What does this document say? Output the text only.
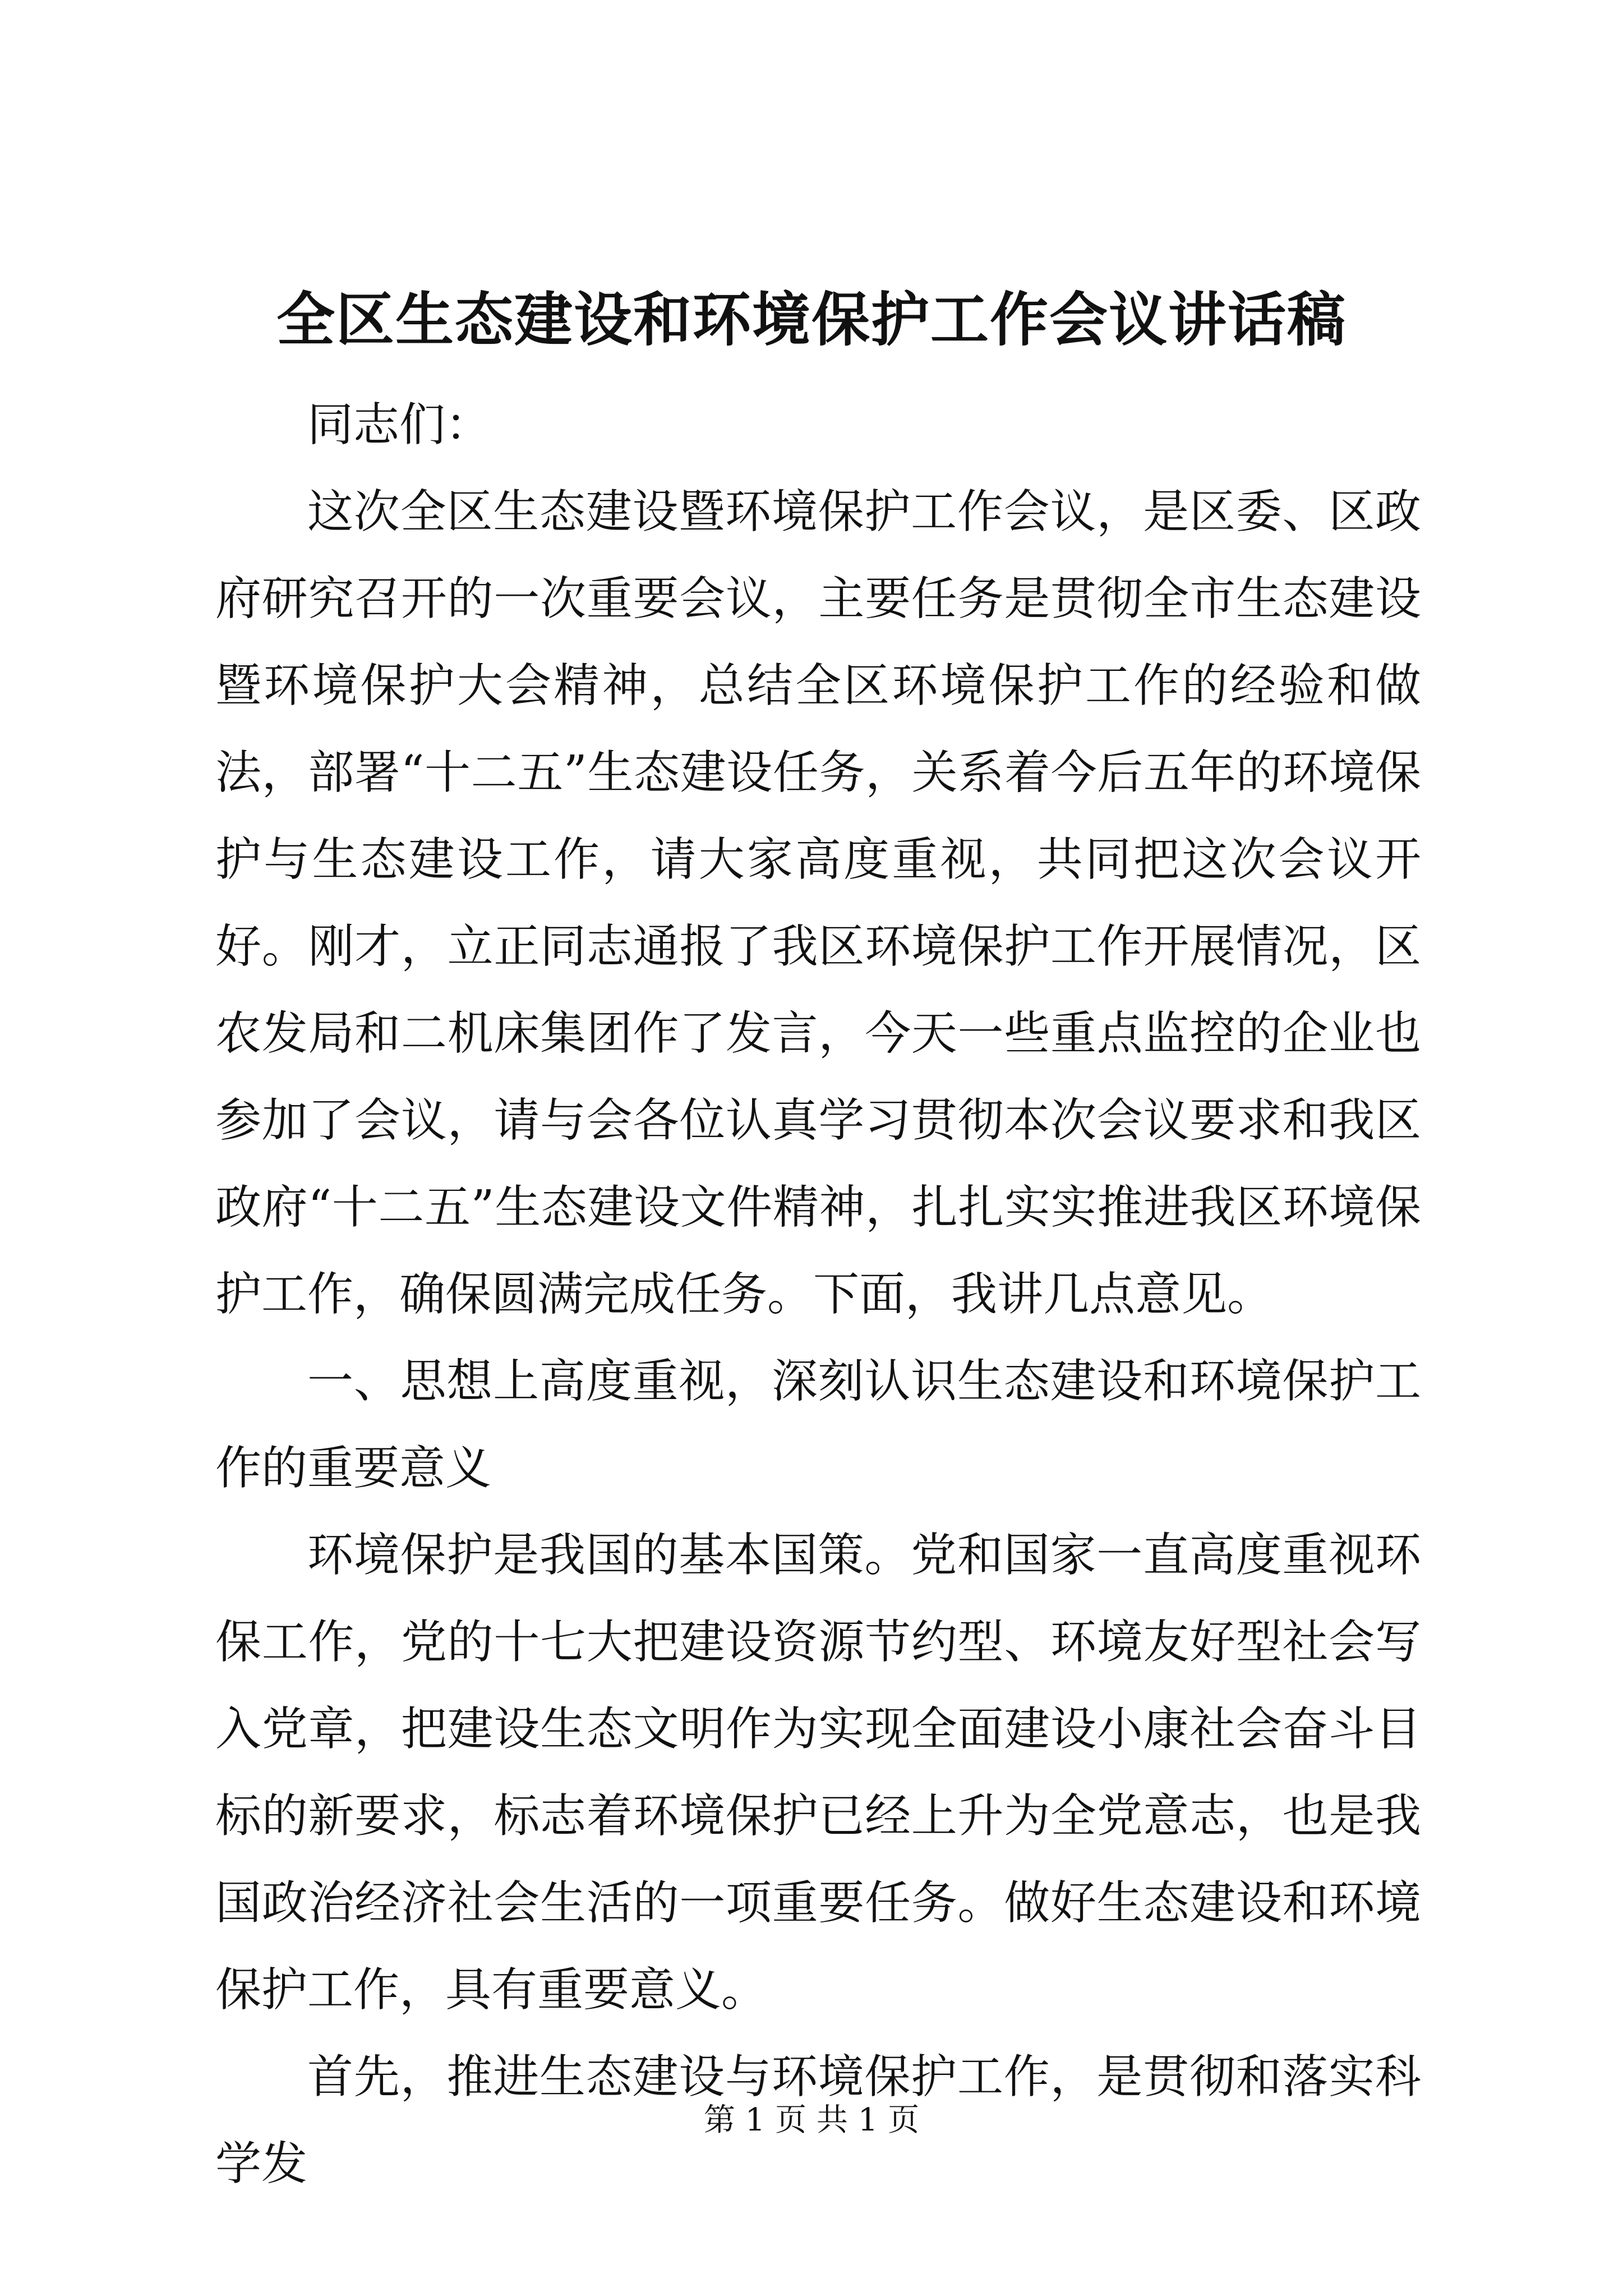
全区生态建设和环境保护工作会议讲话稿

同志们：

这次全区生态建设暨环境保护工作会议，是区委、区政府研究召开的一次重要会议，主要任务是贯彻全市生态建设暨环境保护大会精神，总结全区环境保护工作的经验和做法，部署“十二五”生态建设任务，关系着今后五年的环境保护与生态建设工作，请大家高度重视，共同把这次会议开好。刚才，立正同志通报了我区环境保护工作开展情况，区农发局和二机床集团作了发言，今天一些重点监控的企业也参加了会议，请与会各位认真学习贯彻本次会议要求和我区政府“十二五”生态建设文件精神，扎扎实实推进我区环境保护工作，确保圆满完成任务。下面，我讲几点意见。

一、思想上高度重视，深刻认识生态建设和环境保护工作的重要意义

环境保护是我国的基本国策。党和国家一直高度重视环保工作，党的十七大把建设资源节约型、环境友好型社会写入党章，把建设生态文明作为实现全面建设小康社会奋斗目标的新要求，标志着环境保护已经上升为全党意志，也是我国政治经济社会生活的一项重要任务。做好生态建设和环境保护工作，具有重要意义。

首先，推进生态建设与环境保护工作，是贯彻和落实科学发

第 1 页 共 1 页
